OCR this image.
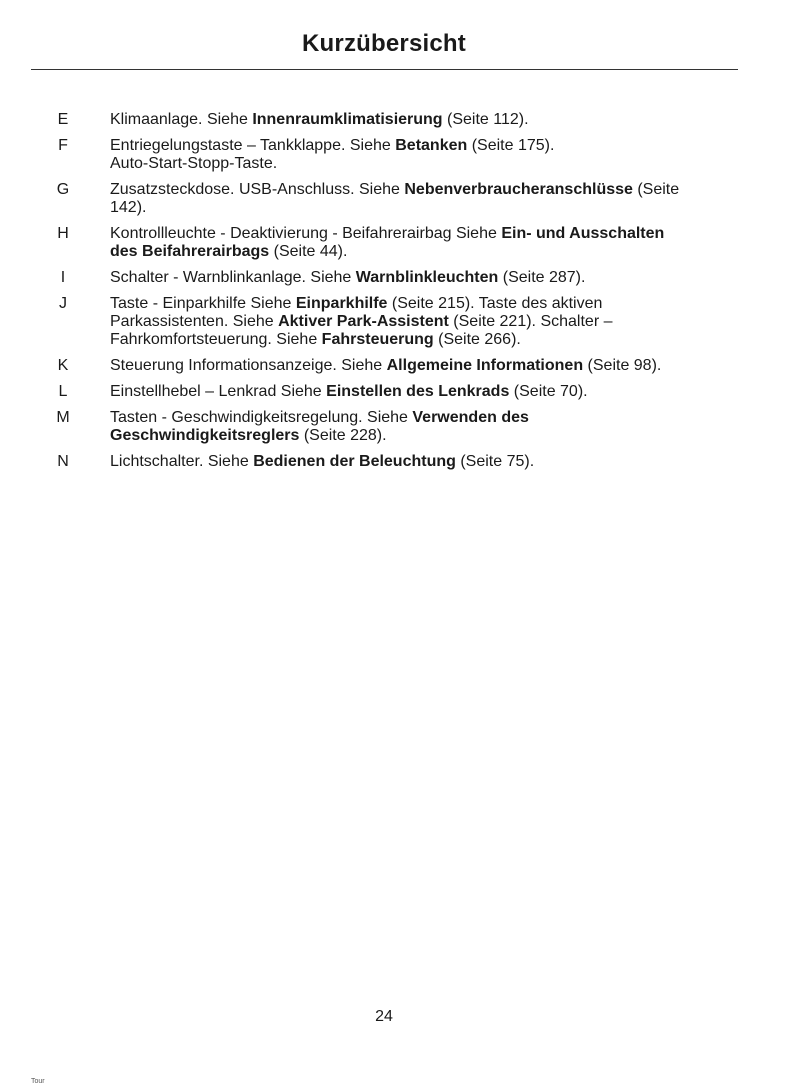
Kurzübersicht
E	Klimaanlage. Siehe Innenraumklimatisierung (Seite 112).
F	Entriegelungstaste – Tankklappe. Siehe Betanken (Seite 175).
Auto-Start-Stopp-Taste.
G	Zusatzsteckdose. USB-Anschluss. Siehe Nebenverbraucheranschlüsse (Seite
142).
H	Kontrollleuchte - Deaktivierung - Beifahrerairbag Siehe Ein- und Ausschalten
des Beifahrerairbags (Seite 44).
I	Schalter - Warnblinkanlage. Siehe Warnblinkleuchten (Seite 287).
J	Taste - Einparkhilfe Siehe Einparkhilfe (Seite 215). Taste des aktiven
Parkassistenten. Siehe Aktiver Park-Assistent (Seite 221). Schalter –
Fahrkomfortsteuerung. Siehe Fahrsteuerung (Seite 266).
K	Steuerung Informationsanzeige. Siehe Allgemeine Informationen (Seite 98).
L	Einstellhebel – Lenkrad Siehe Einstellen des Lenkrads (Seite 70).
M	Tasten - Geschwindigkeitsregelung. Siehe Verwenden des
Geschwindigkeitsreglers (Seite 228).
N	Lichtschalter. Siehe Bedienen der Beleuchtung (Seite 75).
24
Tour
